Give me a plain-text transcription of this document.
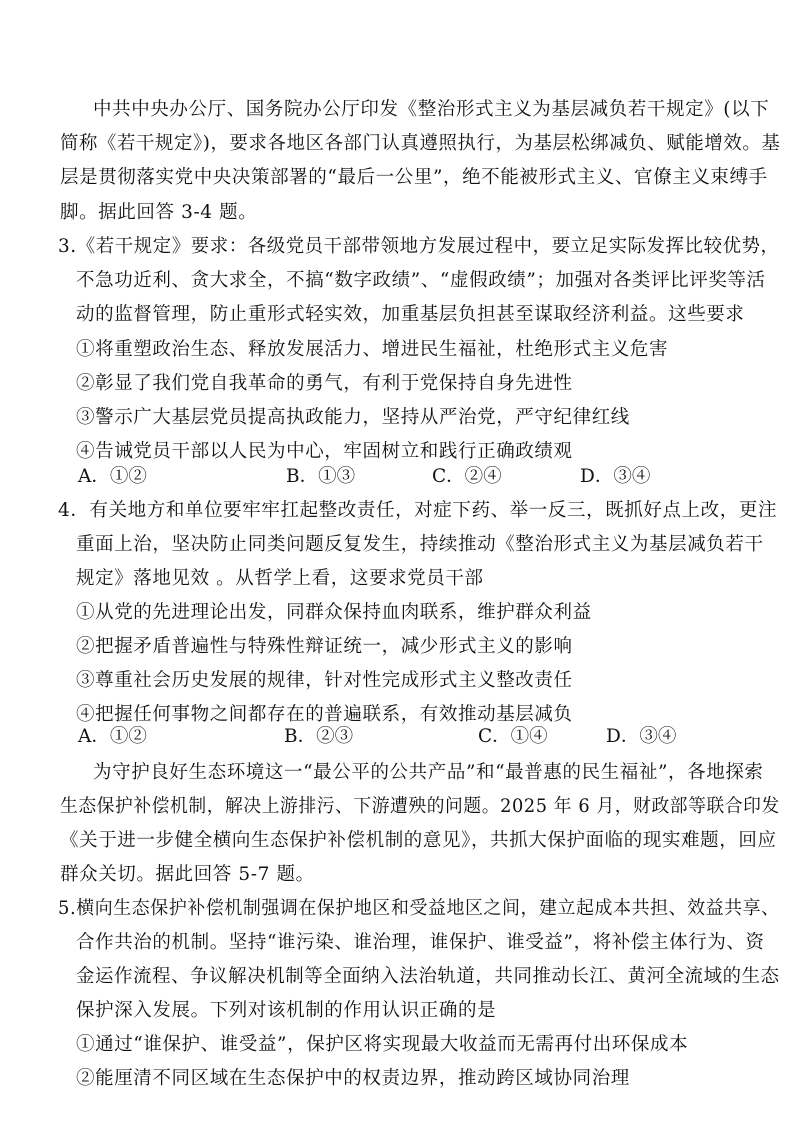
中共中央办公厅、国务院办公厅印发《整治形式主义为基层减负若干规定》(以下
简称《若干规定》)，要求各地区各部门认真遵照执行，为基层松绑减负、赋能增效。基
层是贯彻落实党中央决策部署的“最后一公里”，绝不能被形式主义、官僚主义束缚手
脚。据此回答 3-4 题。
3.《若干规定》要求：各级党员干部带领地方发展过程中，要立足实际发挥比较优势，
不急功近利、贪大求全，不搞“数字政绩”、“虚假政绩”；加强对各类评比评奖等活
动的监督管理，防止重形式轻实效，加重基层负担甚至谋取经济利益。这些要求
①将重塑政治生态、释放发展活力、增进民生福祉，杜绝形式主义危害
②彰显了我们党自我革命的勇气，有利于党保持自身先进性
③警示广大基层党员提高执政能力，坚持从严治党，严守纪律红线
④告诫党员干部以人民为中心，牢固树立和践行正确政绩观
A．①②	B．①③	C．②④	D．③④
4．有关地方和单位要牢牢扛起整改责任，对症下药、举一反三，既抓好点上改，更注
重面上治，坚决防止同类问题反复发生，持续推动《整治形式主义为基层减负若干
规定》落地见效 。从哲学上看，这要求党员干部
①从党的先进理论出发，同群众保持血肉联系，维护群众利益
②把握矛盾普遍性与特殊性辩证统一，减少形式主义的影响
③尊重社会历史发展的规律，针对性完成形式主义整改责任
④把握任何事物之间都存在的普遍联系，有效推动基层减负
A．①②	B．②③	C．①④	D．③④
为守护良好生态环境这一“最公平的公共产品”和“最普惠的民生福祉”，各地探索
生态保护补偿机制，解决上游排污、下游遭殃的问题。2025 年 6 月，财政部等联合印发
《关于进一步健全横向生态保护补偿机制的意见》，共抓大保护面临的现实难题，回应
群众关切。据此回答 5-7 题。
5.横向生态保护补偿机制强调在保护地区和受益地区之间，建立起成本共担、效益共享、
合作共治的机制。坚持“谁污染、谁治理，谁保护、谁受益”，将补偿主体行为、资
金运作流程、争议解决机制等全面纳入法治轨道，共同推动长江、黄河全流域的生态
保护深入发展。下列对该机制的作用认识正确的是
①通过“谁保护、谁受益”，保护区将实现最大收益而无需再付出环保成本
②能厘清不同区域在生态保护中的权责边界，推动跨区域协同治理
